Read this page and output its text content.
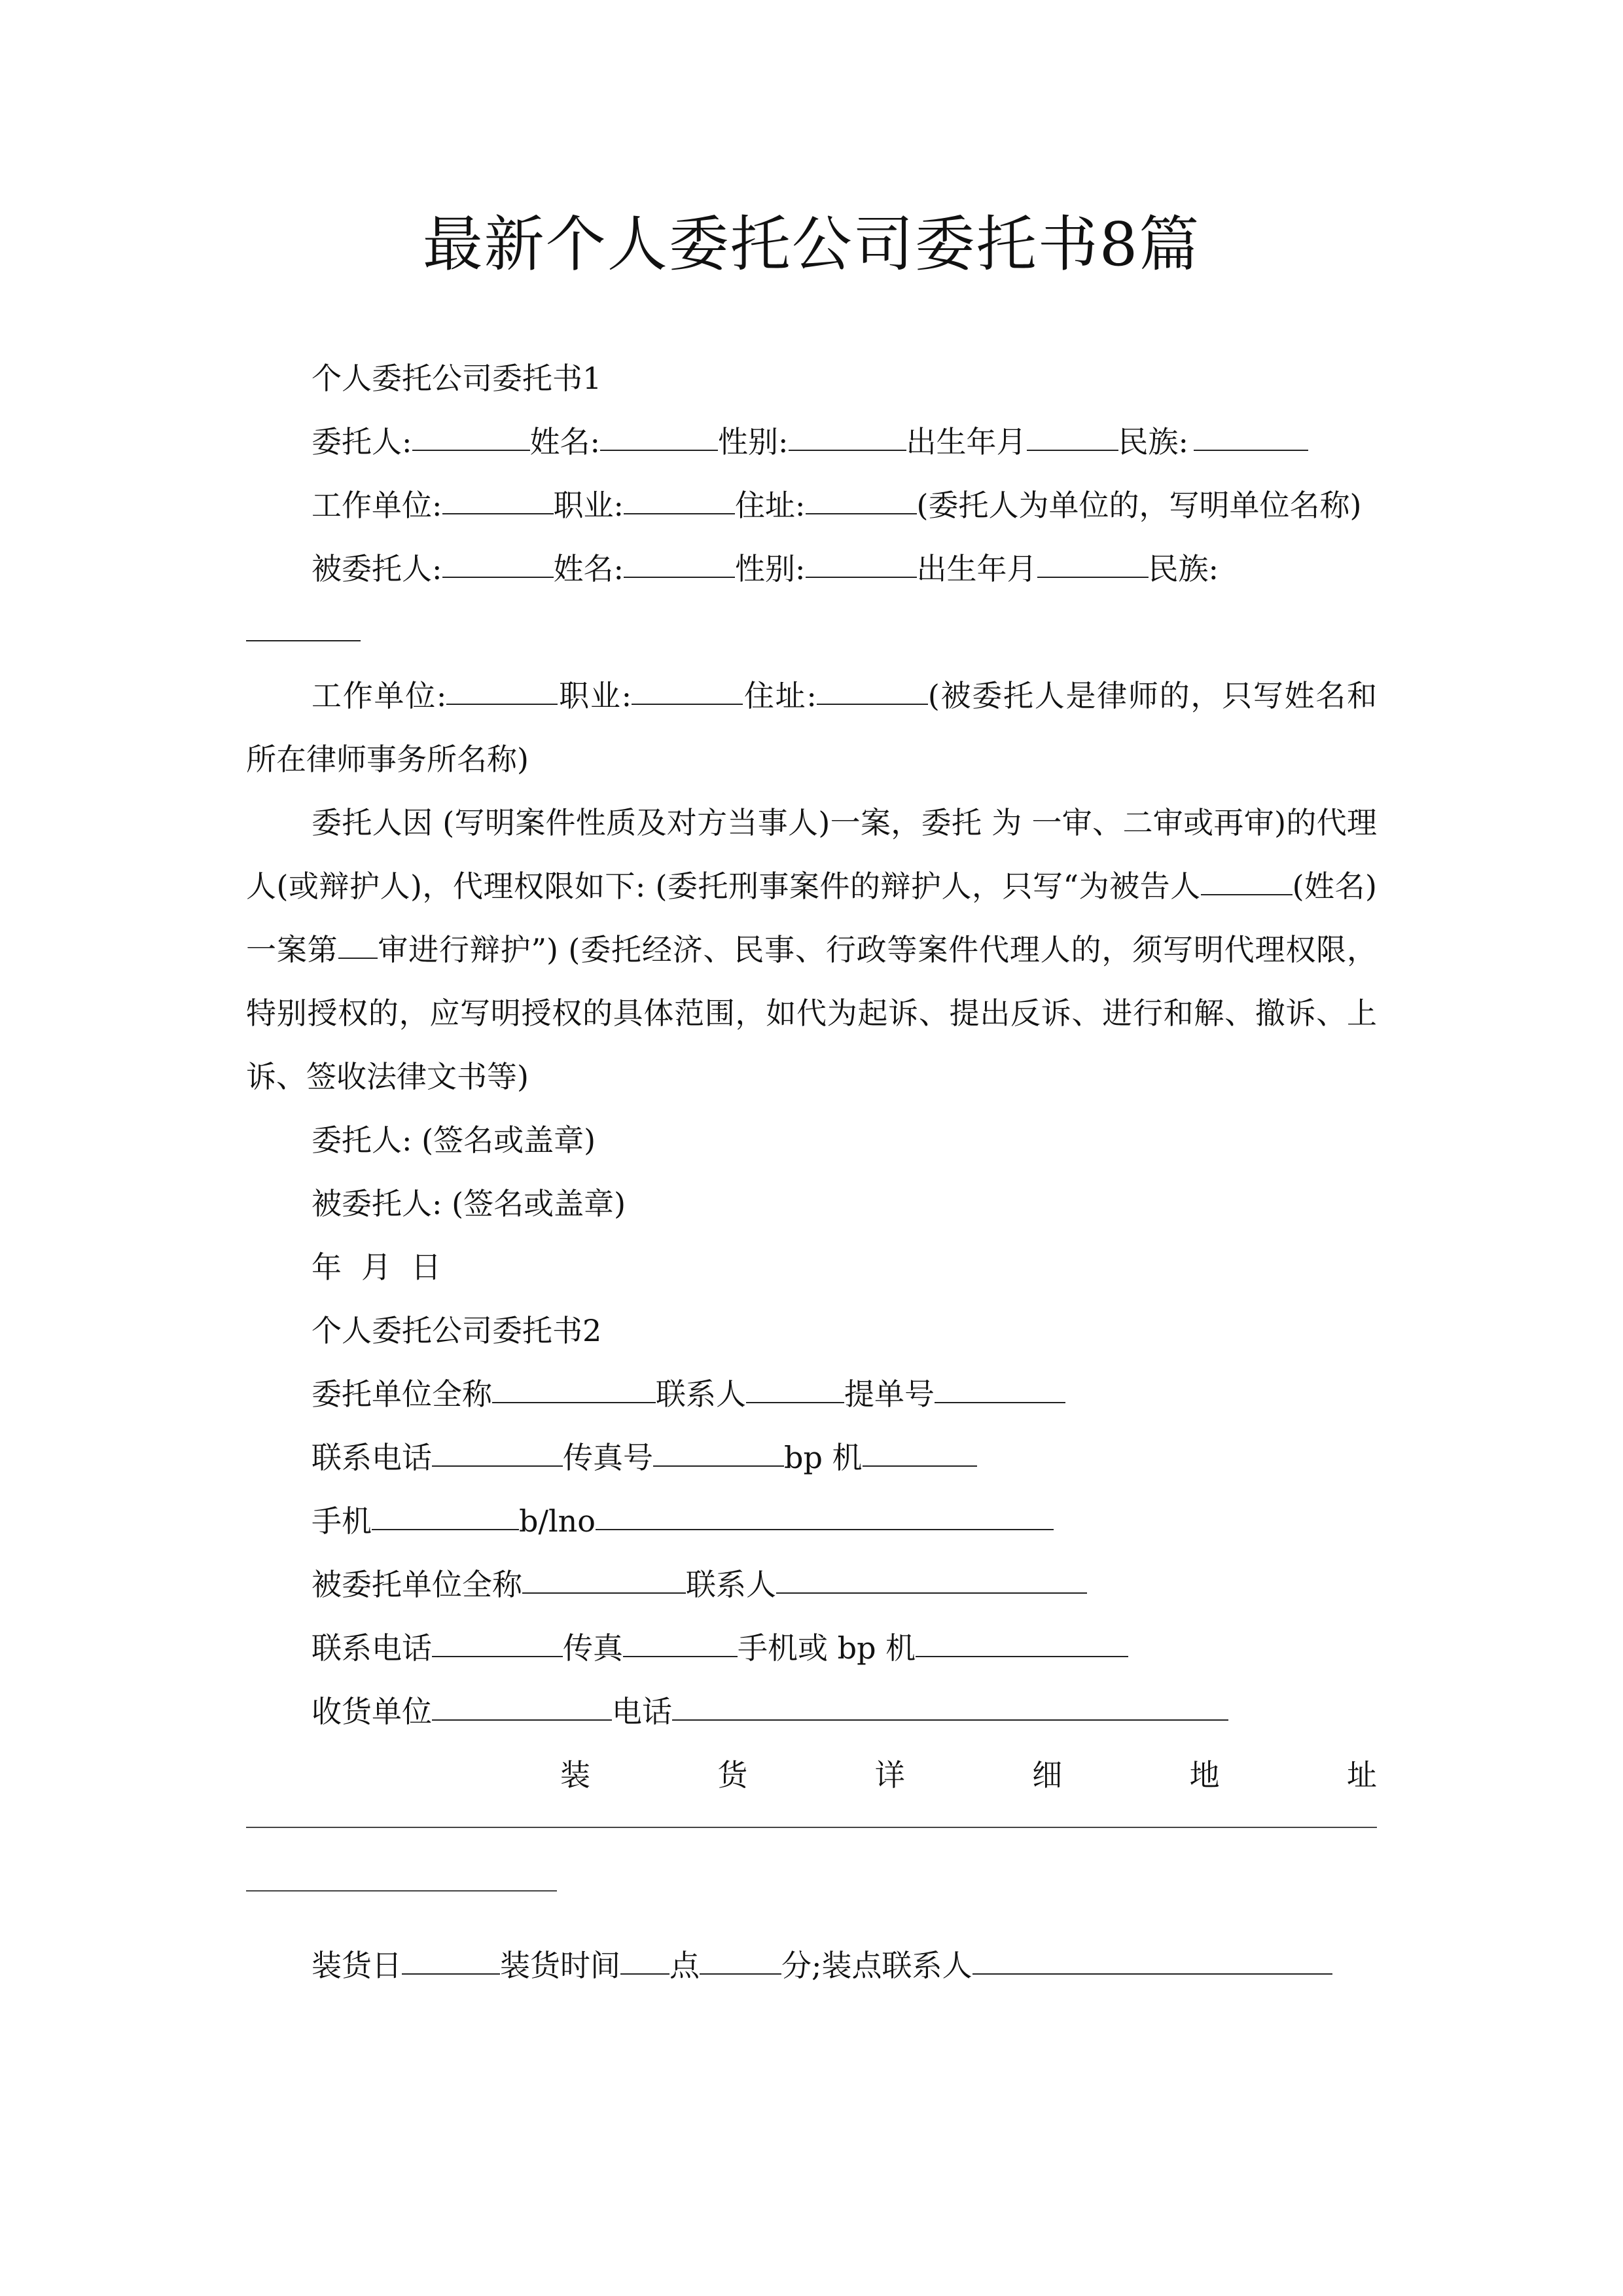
最新个人委托公司委托书8篇
个人委托公司委托书1
委托人:	姓名:	性别:	出生年月	民族:
工作单位:	职业:	住址:	(委托人为单位的，写明单位名称)
被委托人:	姓名:	性别:	出生年月	民族:
工作单位:	职业:	住址:	(被委托人是律师的，只写姓名和所在律师事务所名称)
委托人因 (写明案件性质及对方当事人)一案，委托 为 一审、二审或再审)的代理人(或辩护人)，代理权限如下: (委托刑事案件的辩护人，只写“为被告人	(姓名) 一案第 审进行辩护”) (委托经济、民事、行政等案件代理人的，须写明代理权限，特别授权的，应写明授权的具体范围，如代为起诉、提出反诉、进行和解、撤诉、上诉、签收法律文书等)
委托人: (签名或盖章)
被委托人: (签名或盖章)
年 月 日
个人委托公司委托书2
委托单位全称	联系人	提单号
联系电话	传真号	bp 机
手机	b/lno
被委托单位全称	联系人
联系电话	传真	手机或 bp 机
收货单位	电话
装	货	详	细	地	址
装货日	装货时间 点	分;装点联系人
